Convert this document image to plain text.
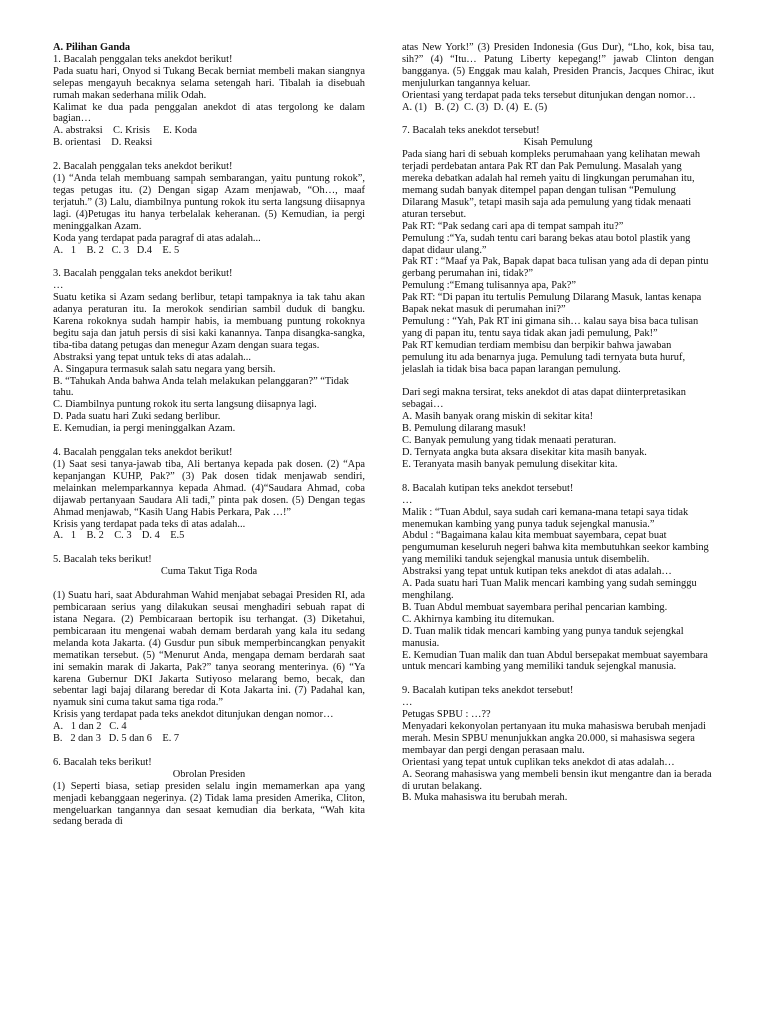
A. Pilihan Ganda

1. Bacalah penggalan teks anekdot berikut!

Pada suatu hari, Onyod si Tukang Becak berniat membeli makan siangnya selepas mengayuh becaknya selama setengah hari. Tibalah ia disebuah rumah makan sederhana milik Odah.

Kalimat ke dua pada penggalan anekdot di atas tergolong ke dalam bagian…

A. abstraksi    C. Krisis     E. Koda

B. orientasi    D. Reaksi

2. Bacalah penggalan teks anekdot berikut!

(1) “Anda telah membuang sampah sembarangan, yaitu puntung rokok”, tegas petugas itu. (2) Dengan sigap Azam menjawab, “Oh…, maaf terjatuh.” (3) Lalu, diambilnya puntung rokok itu serta langsung diisapnya lagi. (4)Petugas itu hanya terbelalak keheranan. (5) Kemudian, ia pergi meninggalkan Azam.

Koda yang terdapat pada paragraf di atas adalah...

A.   1    B. 2   C. 3   D.4    E. 5

3. Bacalah penggalan teks anekdot berikut!

…

Suatu ketika si Azam sedang berlibur, tetapi tampaknya ia tak tahu akan adanya peraturan itu. Ia merokok sendirian sambil duduk di bangku. Karena rokoknya sudah hampir habis, ia membuang puntung rokoknya begitu saja dan jatuh persis di sisi kaki kanannya. Tanpa disangka-sangka, tiba-tiba datang petugas dan menegur Azam dengan suara tegas.

Abstraksi yang tepat untuk teks di atas adalah...

A. Singapura termasuk salah satu negara yang bersih.

B. “Tahukah Anda bahwa Anda telah melakukan pelanggaran?” “Tidak tahu.

C. Diambilnya puntung rokok itu serta langsung diisapnya lagi.

D. Pada suatu hari Zuki sedang berlibur.

E. Kemudian, ia pergi meninggalkan Azam.

4. Bacalah penggalan teks anekdot berikut!

(1) Saat sesi tanya-jawab tiba, Ali bertanya kepada pak dosen. (2) “Apa kepanjangan KUHP, Pak?” (3) Pak dosen tidak menjawab sendiri, melainkan melemparkannya kepada Ahmad. (4)“Saudara Ahmad, coba dijawab pertanyaan Saudara Ali tadi,” pinta pak dosen. (5) Dengan tegas Ahmad menjawab, “Kasih Uang Habis Perkara, Pak …!”

Krisis yang terdapat pada teks di atas adalah...

A.   1    B. 2    C. 3    D. 4    E.5

5. Bacalah teks berikut!

Cuma Takut Tiga Roda

(1) Suatu hari, saat Abdurahman Wahid menjabat sebagai Presiden RI, ada pembicaraan serius yang dilakukan seusai menghadiri sebuah rapat di istana Negara. (2) Pembicaraan bertopik isu terhangat. (3) Diketahui, pembicaraan itu mengenai wabah demam berdarah yang kala itu sedang melanda kota Jakarta. (4) Gusdur pun sibuk memperbincangkan penyakit mematikan tersebut. (5) “Menurut Anda, mengapa demam berdarah saat ini semakin marak di Jakarta, Pak?” tanya seorang menterinya. (6) “Ya karena Gubernur DKI Jakarta Sutiyoso melarang bemo, becak, dan sebentar lagi bajaj dilarang beredar di Kota Jakarta ini. (7) Padahal kan, nyamuk sini cuma takut sama tiga roda.”

Krisis yang terdapat pada teks anekdot ditunjukan dengan nomor…

A.   1 dan 2   C. 4

B.   2 dan 3   D. 5 dan 6    E. 7

6. Bacalah teks berikut!

Obrolan Presiden

(1) Seperti biasa, setiap presiden selalu ingin memamerkan apa yang menjadi kebanggaan negerinya. (2) Tidak lama presiden Amerika, Cliton, mengeluarkan tangannya dan sesaat kemudian dia berkata, “Wah kita sedang berada di

atas New York!” (3) Presiden Indonesia (Gus Dur), “Lho, kok, bisa tau, sih?” (4) “Itu… Patung Liberty kepegang!” jawab Clinton dengan bangganya. (5) Enggak mau kalah, Presiden Prancis, Jacques Chirac, ikut menjulurkan tangannya keluar.

Orientasi yang terdapat pada teks tersebut ditunjukan dengan nomor…

A. (1)   B. (2)  C. (3)  D. (4)  E. (5)

7. Bacalah teks anekdot tersebut!

Kisah Pemulung

Pada siang hari di sebuah kompleks perumahaan yang kelihatan mewah terjadi perdebatan antara Pak RT dan Pak Pemulung. Masalah yang mereka debatkan adalah hal remeh yaitu di lingkungan perumahan itu, memang sudah banyak ditempel papan dengan tulisan “Pemulung Dilarang Masuk”, tetapi masih saja ada pemulung yang tidak menaati aturan tersebut.

Pak RT: “Pak sedang cari apa di tempat sampah itu?”

Pemulung :“Ya, sudah tentu cari barang bekas atau botol plastik yang dapat didaur ulang.”

Pak RT : “Maaf ya Pak, Bapak dapat baca tulisan yang ada di depan pintu gerbang perumahan ini, tidak?”

Pemulung :“Emang tulisannya apa, Pak?”

Pak RT: “Di papan itu tertulis Pemulung Dilarang Masuk, lantas kenapa Bapak nekat masuk di perumahan ini?”

Pemulung : “Yah, Pak RT ini gimana sih… kalau saya bisa baca tulisan yang di papan itu, tentu saya tidak akan jadi pemulung, Pak!”

Pak RT kemudian terdiam membisu dan berpikir bahwa jawaban pemulung itu ada benarnya juga. Pemulung tadi ternyata buta huruf, jelaslah ia tidak bisa baca papan larangan pemulung.

Dari segi makna tersirat, teks anekdot di atas dapat diinterpretasikan sebagai…

A. Masih banyak orang miskin di sekitar kita!

B. Pemulung dilarang masuk!

C. Banyak pemulung yang tidak menaati peraturan.

D. Ternyata angka buta aksara disekitar kita masih banyak.

E. Teranyata masih banyak pemulung disekitar kita.

8. Bacalah kutipan teks anekdot tersebut!

…

Malik : “Tuan Abdul, saya sudah cari kemana-mana tetapi saya tidak menemukan kambing yang punya taduk sejengkal manusia.”

Abdul : “Bagaimana kalau kita membuat sayembara, cepat buat pengumuman keseluruh negeri bahwa kita membutuhkan seekor kambing yang memiliki tanduk sejengkal manusia untuk disembelih.

Abstraksi yang tepat untuk kutipan teks anekdot di atas adalah…

A. Pada suatu hari Tuan Malik mencari kambing yang sudah seminggu menghilang.

B. Tuan Abdul membuat sayembara perihal pencarian kambing.

C. Akhirnya kambing itu ditemukan.

D. Tuan malik tidak mencari kambing yang punya tanduk sejengkal manusia.

E. Kemudian Tuan malik dan tuan Abdul bersepakat membuat sayembara untuk mencari kambing yang memiliki tanduk sejengkal manusia.

9. Bacalah kutipan teks anekdot tersebut!

…

Petugas SPBU : …??

Menyadari kekonyolan pertanyaan itu muka mahasiswa berubah menjadi merah. Mesin SPBU menunjukkan angka 20.000, si mahasiswa segera membayar dan pergi dengan perasaan malu.

Orientasi yang tepat untuk cuplikan teks anekdot di atas adalah…

A. Seorang mahasiswa yang membeli bensin ikut mengantre dan ia berada di urutan belakang.

B. Muka mahasiswa itu berubah merah.
